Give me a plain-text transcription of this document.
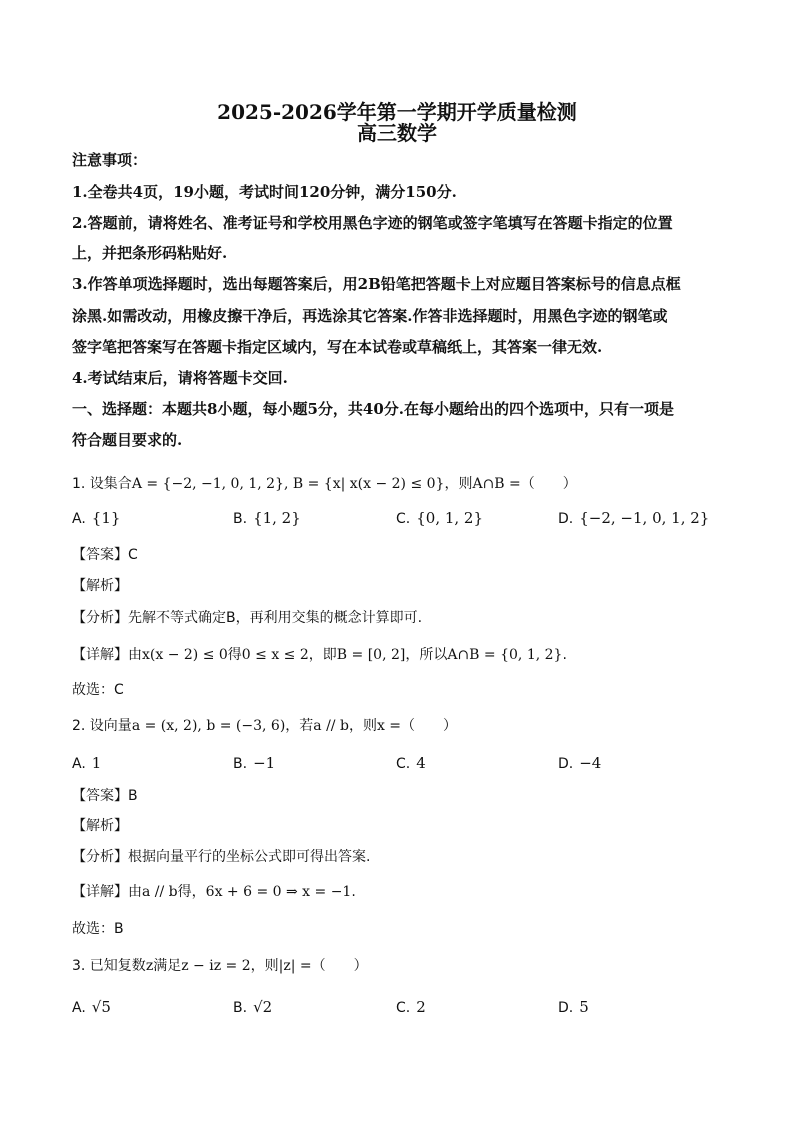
2025-2026学年第一学期开学质量检测
高三数学
注意事项：
1.全卷共4页，19小题，考试时间120分钟，满分150分.
2.答题前，请将姓名、准考证号和学校用黑色字迹的钢笔或签字笔填写在答题卡指定的位置
上，并把条形码粘贴好.
3.作答单项选择题时，选出每题答案后，用2B铅笔把答题卡上对应题目答案标号的信息点框
涂黑.如需改动，用橡皮擦干净后，再选涂其它答案.作答非选择题时，用黑色字迹的钢笔或
签字笔把答案写在答题卡指定区域内，写在本试卷或草稿纸上，其答案一律无效.
4.考试结束后，请将答题卡交回.
一、选择题：本题共8小题，每小题5分，共40分.在每小题给出的四个选项中，只有一项是
符合题目要求的.
1. 设集合A = {−2, −1, 0, 1, 2}, B = {x| x(x − 2) ≤ 0}，则A∩B =（　　）
A. {1}	B. {1, 2}	C. {0, 1, 2}	D. {−2, −1, 0, 1, 2}
【答案】C
【解析】
【分析】先解不等式确定B，再利用交集的概念计算即可.
【详解】由x(x − 2) ≤ 0得0 ≤ x ≤ 2，即B = [0, 2]，所以A∩B = {0, 1, 2}.
故选：C
2. 设向量a = (x, 2), b = (−3, 6)，若a // b，则x =（　　）
A. 1	B. −1	C. 4	D. −4
【答案】B
【解析】
【分析】根据向量平行的坐标公式即可得出答案.
【详解】由a // b得，6x + 6 = 0 ⇒ x = −1.
故选：B
3. 已知复数z满足z − iz = 2，则|z| =（　　）
A. √5	B. √2	C. 2	D. 5
